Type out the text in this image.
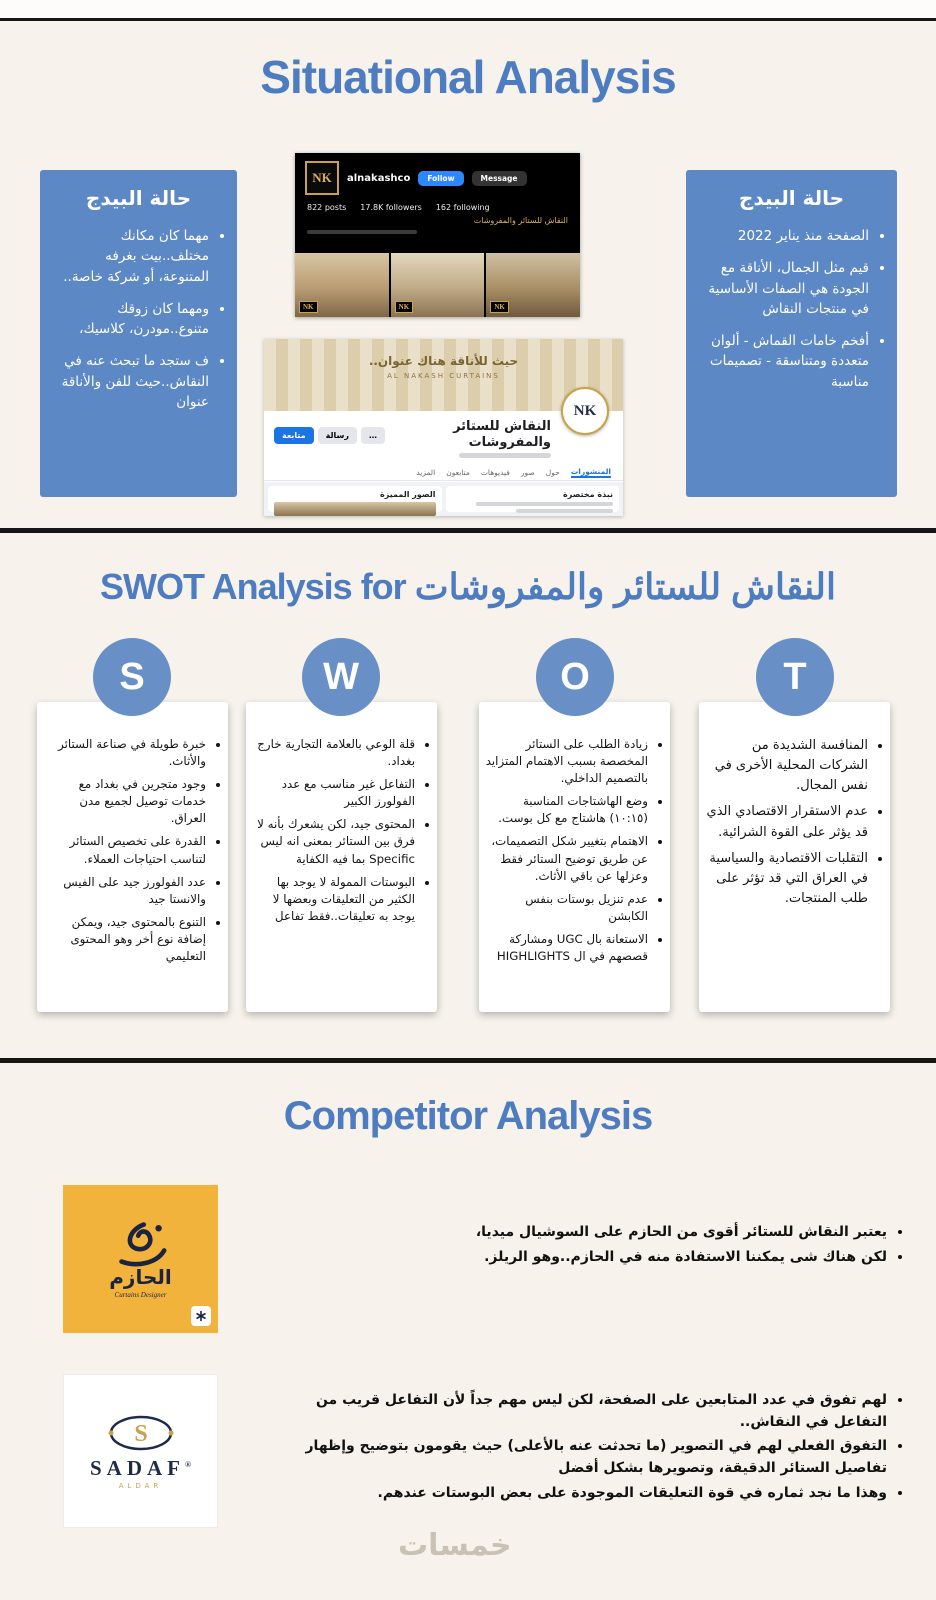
Situational Analysis
حالة البيدج
• مهما كان مكانك مختلف..بيت بغرفه المتنوعة، أو شركة خاصة..
• ومهما كان زوقك متنوع..مودرن، كلاسيك،
• ف ستجد ما تبحث عنه في النقاش..حيث للفن والأناقة عنوان
حالة البيدج
• الصفحة منذ يناير 2022
• قيم مثل الجمال، الأناقة مع الجودة هي الصفات الأساسية في منتجات النقاش
• أفخم خامات القماش - ألوان متعددة ومتناسقة - تصميمات مناسبة
NK alnakashco	Follow	Message
822 posts 17.8K followers 162 following
النقاش للستائر والمفروشات
NK	NK	NK
حيث للأناقة هناك عنوان..
AL NAKASH CURTAINS
NK
النقاش للستائر والمفروشات
متابعة	رسالة	…
المنشورات
حول
صور
فيديوهات
متابعون
المزيد
نبذة مختصرة
الصور المميزة
SWOT Analysis for النقاش للستائر والمفروشات
S	W	O	T
• خبرة طويلة في صناعة الستائر والأثاث.
• وجود متجرين في بغداد مع خدمات توصيل لجميع مدن العراق.
• القدرة على تخصيص الستائر لتناسب احتياجات العملاء.
• عدد الفولورز جيد على الفيس والانستا جيد
• التنوع بالمحتوى جيد، ويمكن إضافة نوع أخر وهو المحتوى التعليمي
• قلة الوعي بالعلامة التجارية خارج بغداد.
• التفاعل غير مناسب مع عدد الفولورز الكبير
• المحتوى جيد، لكن يشعرك بأنه لا فرق بين الستائر بمعنى انه ليس Specific بما فيه الكفاية
• البوستات الممولة لا يوجد بها الكثير من التعليقات وبعضها لا يوجد به تعليقات..فقط تفاعل
• زيادة الطلب على الستائر المخصصة بسبب الاهتمام المتزايد بالتصميم الداخلي.
• وضع الهاشتاجات المناسبة (١٠:١٥) هاشتاج مع كل بوست.
• الاهتمام بتغيير شكل التصميمات، عن طريق توضيح الستائر فقط وعزلها عن باقي الأثاث.
• عدم تنزيل بوستات بنفس الكابشن
• الاستعانة بال UGC ومشاركة قصصهم في ال HIGHLIGHTS
• المنافسة الشديدة من الشركات المحلية الأخرى في نفس المجال.
• عدم الاستقرار الاقتصادي الذي قد يؤثر على القوة الشرائية.
• التقلبات الاقتصادية والسياسية في العراق التي قد تؤثر على طلب المنتجات.
Competitor Analysis
الحازم
Curtains Designer
• يعتبر النقاش للستائر أقوى من الحازم على السوشيال ميديا،
• لكن هناك شى يمكننا الاستفادة منه في الحازم..وهو الريلز.
S
SADAF®
ALDAR
• لهم تفوق في عدد المتابعين على الصفحة، لكن ليس مهم جداً لأن التفاعل قريب من التفاعل في النقاش..
• التفوق الفعلي لهم في التصوير (ما تحدثت عنه بالأعلى) حيث يقومون بتوضيح وإظهار تفاصيل الستائر الدقيقة، وتصويرها بشكل أفضل
• وهذا ما نجد ثماره في قوة التعليقات الموجودة على بعض البوستات عندهم.
خمسات
